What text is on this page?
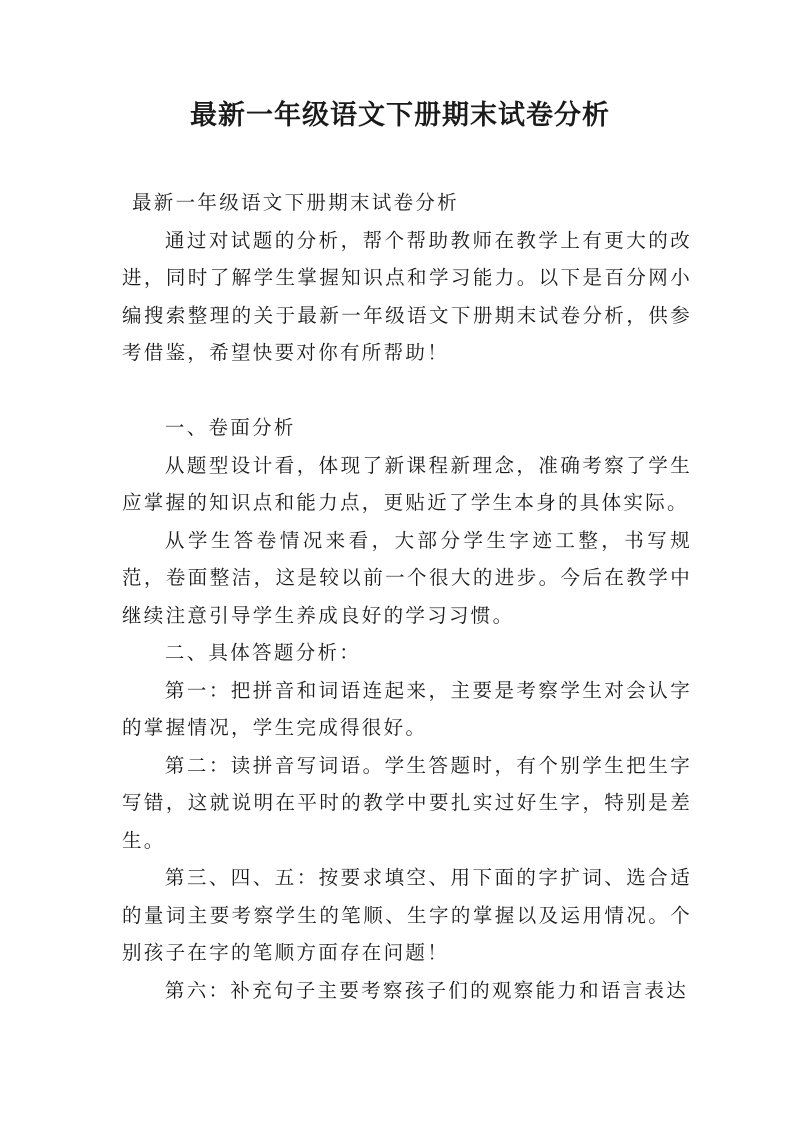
最新一年级语文下册期末试卷分析

最新一年级语文下册期末试卷分析

通过对试题的分析，帮个帮助教师在教学上有更大的改进，同时了解学生掌握知识点和学习能力。以下是百分网小编搜索整理的关于最新一年级语文下册期末试卷分析，供参考借鉴，希望快要对你有所帮助！

一、卷面分析

从题型设计看，体现了新课程新理念，准确考察了学生应掌握的知识点和能力点，更贴近了学生本身的具体实际。

从学生答卷情况来看，大部分学生字迹工整，书写规范，卷面整洁，这是较以前一个很大的进步。今后在教学中继续注意引导学生养成良好的学习习惯。

二、具体答题分析：

第一：把拼音和词语连起来，主要是考察学生对会认字的掌握情况，学生完成得很好。

第二：读拼音写词语。学生答题时，有个别学生把生字写错，这就说明在平时的教学中要扎实过好生字，特别是差生。

第三、四、五：按要求填空、用下面的字扩词、选合适的量词主要考察学生的笔顺、生字的掌握以及运用情况。个别孩子在字的笔顺方面存在问题！

第六：补充句子主要考察孩子们的观察能力和语言表达
